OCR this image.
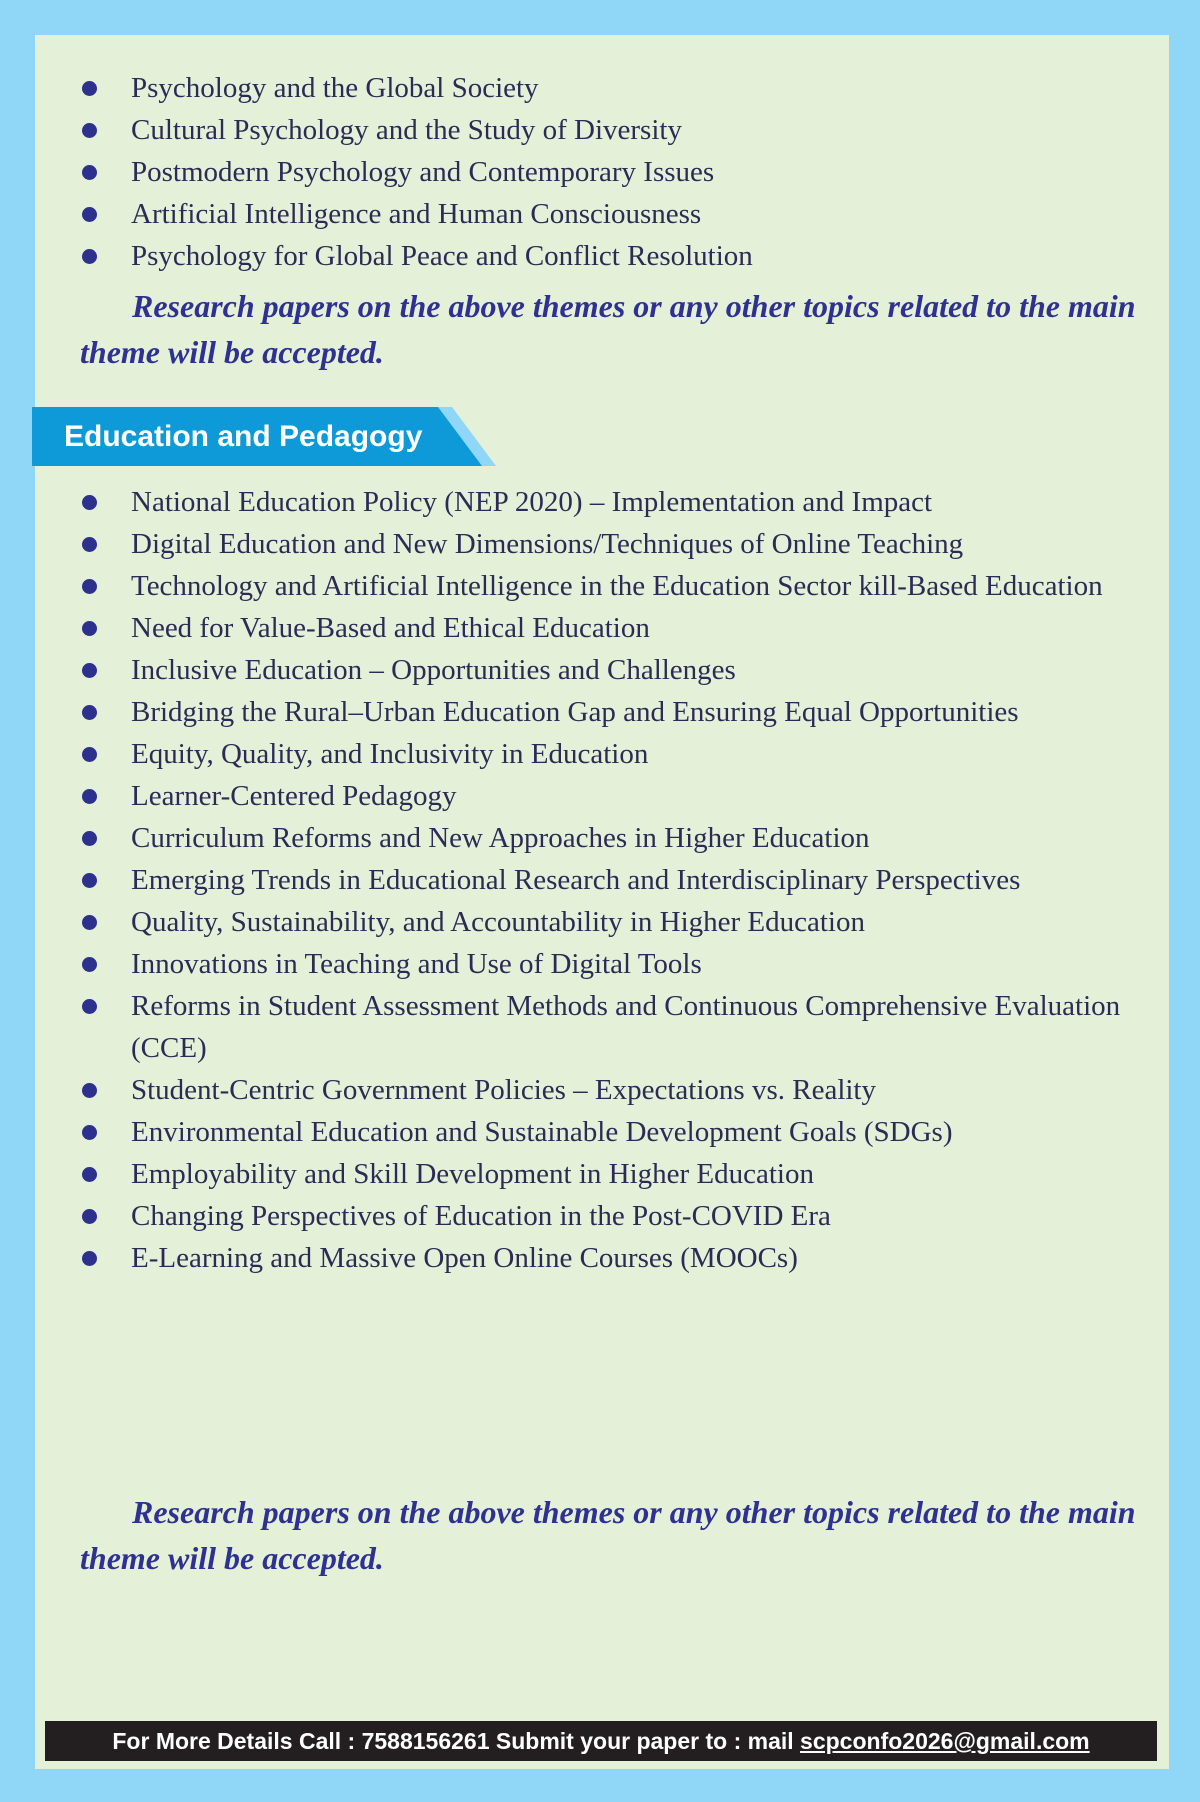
Psychology and the Global Society
Cultural Psychology and the Study of Diversity
Postmodern Psychology and Contemporary Issues
Artificial Intelligence and Human Consciousness
Psychology for Global Peace and Conflict Resolution
Research papers on the above themes or any other topics related to the main theme will be accepted.
Education and Pedagogy
National Education Policy (NEP 2020) – Implementation and Impact
Digital Education and New Dimensions/Techniques of Online Teaching
Technology and Artificial Intelligence in the Education Sector kill-Based Education
Need for Value-Based and Ethical Education
Inclusive Education – Opportunities and Challenges
Bridging the Rural–Urban Education Gap and Ensuring Equal Opportunities
Equity, Quality, and Inclusivity in Education
Learner-Centered Pedagogy
Curriculum Reforms and New Approaches in Higher Education
Emerging Trends in Educational Research and Interdisciplinary Perspectives
Quality, Sustainability, and Accountability in Higher Education
Innovations in Teaching and Use of Digital Tools
Reforms in Student Assessment Methods and Continuous Comprehensive Evaluation (CCE)
Student-Centric Government Policies – Expectations vs. Reality
Environmental Education and Sustainable Development Goals (SDGs)
Employability and Skill Development in Higher Education
Changing Perspectives of Education in the Post-COVID Era
E-Learning and Massive Open Online Courses (MOOCs)
Research papers on the above themes or any other topics related to the main theme will be accepted.
For More Details Call : 7588156261 Submit your paper to : mail scpconfo2026@gmail.com
